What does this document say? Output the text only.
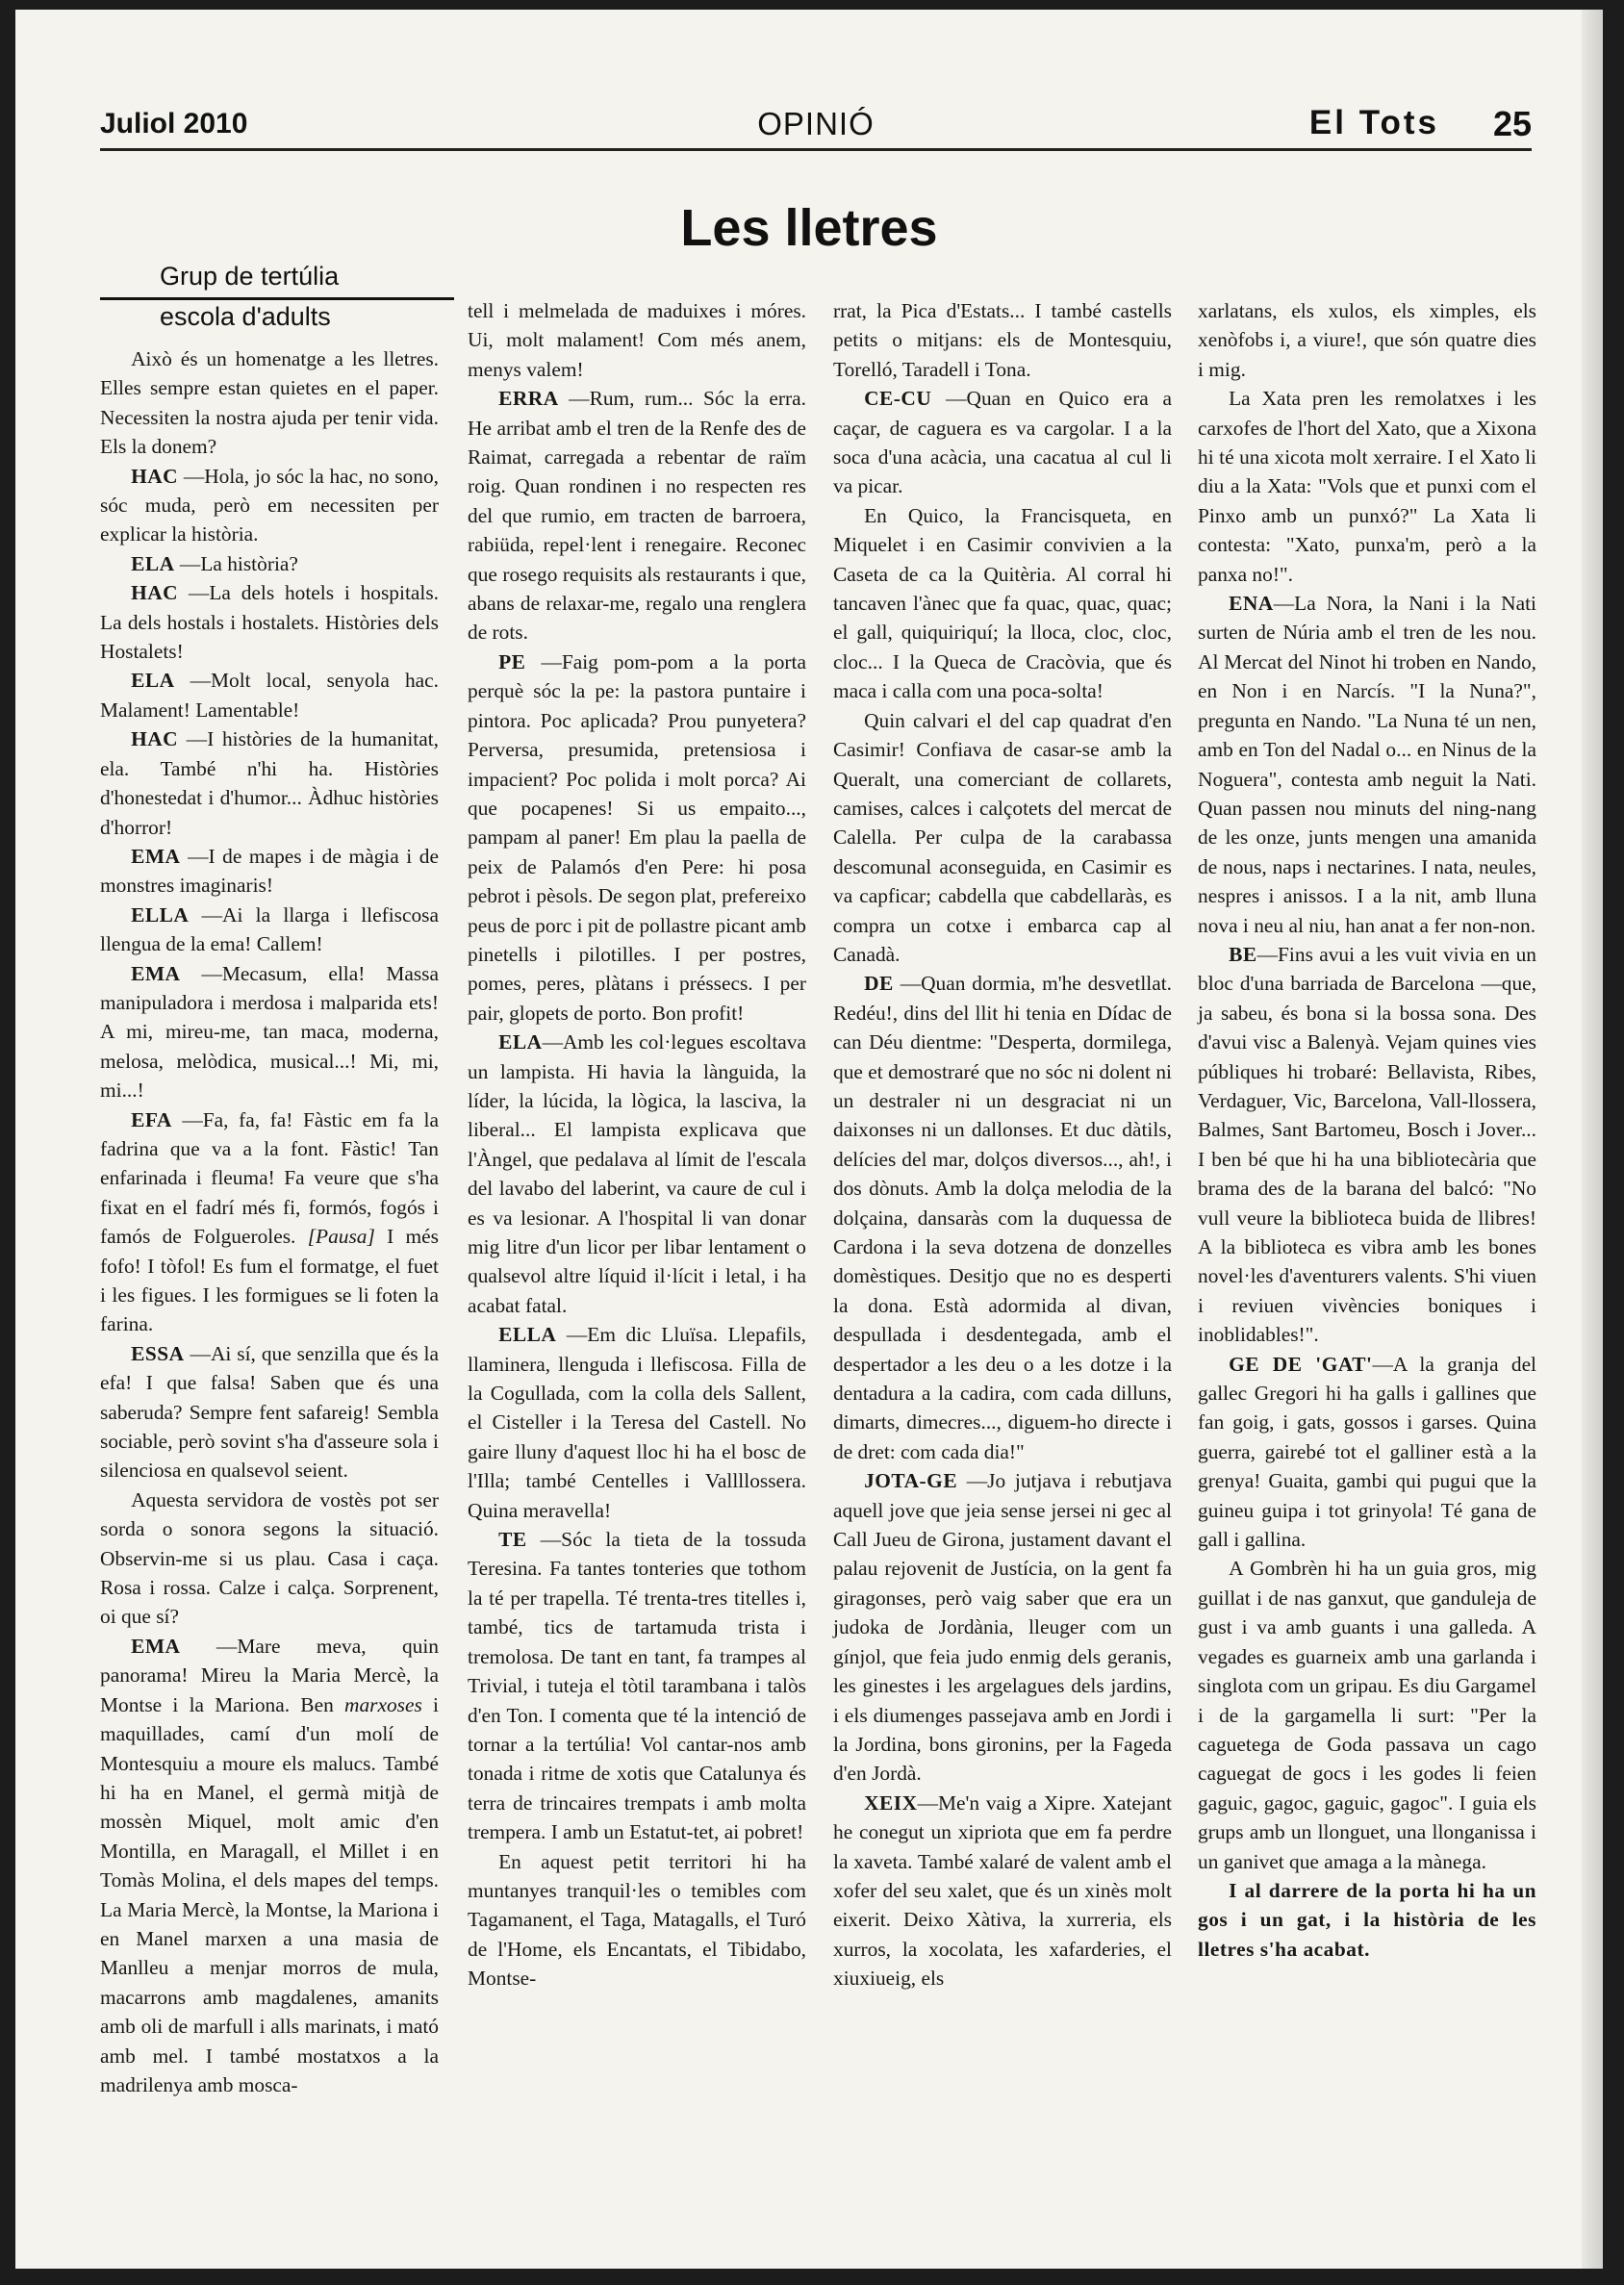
Juliol 2010	OPINIÓ	El Tots 25
Les lletres
Grup de tertúlia
escola d'adults

Això és un homenatge a les lletres. Elles sempre estan quietes en el paper. Necessiten la nostra ajuda per tenir vida. Els la donem?

HAC —Hola, jo sóc la hac, no sono, sóc muda, però em necessiten per explicar la història.

ELA —La història?

HAC —La dels hotels i hospitals. La dels hostals i hostalets. Històries dels Hostalets!

ELA —Molt local, senyola hac. Malament! Lamentable!

HAC —I històries de la humanitat, ela. També n'hi ha. Històries d'honestedat i d'humor... Àdhuc històries d'horror!

EMA —I de mapes i de màgia i de monstres imaginaris!

ELLA —Ai la llarga i llefiscosa llengua de la ema! Callem!

EMA —Mecasum, ella! Massa manipuladora i merdosa i malparida ets! A mi, mireu-me, tan maca, moderna, melosa, melòdica, musical...! Mi, mi, mi...!

EFA —Fa, fa, fa! Fàstic em fa la fadrina que va a la font. Fàstic! Tan enfarinada i fleuma! Fa veure que s'ha fixat en el fadrí més fi, formós, fogós i famós de Folgueroles. [Pausa] I més fofo! I tòfol! Es fum el formatge, el fuet i les figues. I les formigues se li foten la farina.

ESSA —Ai sí, que senzilla que és la efa! I que falsa! Saben que és una saberuda? Sempre fent safareig! Sembla sociable, però sovint s'ha d'asseure sola i silenciosa en qualsevol seient.

Aquesta servidora de vostès pot ser sorda o sonora segons la situació. Observin-me si us plau. Casa i caça. Rosa i rossa. Calze i calça. Sorprenent, oi que sí?

EMA —Mare meva, quin panorama! Mireu la Maria Mercè, la Montse i la Mariona. Ben marxoses i maquillades, camí d'un molí de Montesquiu a moure els malucs. També hi ha en Manel, el germà mitjà de mossèn Miquel, molt amic d'en Montilla, en Maragall, el Millet i en Tomàs Molina, el dels mapes del temps. La Maria Mercè, la Montse, la Mariona i en Manel marxen a una masia de Manlleu a menjar morros de mula, macarrons amb magdalenes, amanits amb oli de marfull i alls marinats, i mató amb mel. I també mostatxos a la madrilenya amb mosca-

tell i melmelada de maduixes i móres. Ui, molt malament! Com més anem, menys valem!

ERRA —Rum, rum... Sóc la erra. He arribat amb el tren de la Renfe des de Raimat, carregada a rebentar de raïm roig. Quan rondinen i no respecten res del que rumio, em tracten de barroera, rabiüda, repel·lent i renegaire. Reconec que rosego requisits als restaurants i que, abans de relaxar-me, regalo una renglera de rots.

PE —Faig pom-pom a la porta perquè sóc la pe: la pastora puntaire i pintora. Poc aplicada? Prou punyetera? Perversa, presumida, pretensiosa i impacient? Poc polida i molt porca? Ai que pocapenes! Si us empaito..., pampam al paner! Em plau la paella de peix de Palamós d'en Pere: hi posa pebrot i pèsols. De segon plat, prefereixo peus de porc i pit de pollastre picant amb pinetells i pilotilles. I per postres, pomes, peres, plàtans i préssecs. I per pair, glopets de porto. Bon profit!

ELA—Amb les col·legues escoltava un lampista. Hi havia la lànguida, la líder, la lúcida, la lògica, la lasciva, la liberal... El lampista explicava que l'Àngel, que pedalava al límit de l'escala del lavabo del laberint, va caure de cul i es va lesionar. A l'hospital li van donar mig litre d'un licor per libar lentament o qualsevol altre líquid il·lícit i letal, i ha acabat fatal.

ELLA —Em dic Lluïsa. Llepafils, llaminera, llenguda i llefiscosa. Filla de la Cogullada, com la colla dels Sallent, el Cisteller i la Teresa del Castell. No gaire lluny d'aquest lloc hi ha el bosc de l'Illa; també Centelles i Vallllossera. Quina meravella!

TE —Sóc la tieta de la tossuda Teresina. Fa tantes tonteries que tothom la té per trapella. Té trenta-tres titelles i, també, tics de tartamuda trista i tremolosa. De tant en tant, fa trampes al Trivial, i tuteja el tòtil tarambana i talòs d'en Ton. I comenta que té la intenció de tornar a la tertúlia! Vol cantar-nos amb tonada i ritme de xotis que Catalunya és terra de trincaires trempats i amb molta trempera. I amb un Estatut-tet, ai pobret!

En aquest petit territori hi ha muntanyes tranquil·les o temibles com Tagamanent, el Taga, Matagalls, el Turó de l'Home, els Encantats, el Tibidabo, Montse-

rrat, la Pica d'Estats... I també castells petits o mitjans: els de Montesquiu, Torelló, Taradell i Tona.

CE-CU —Quan en Quico era a caçar, de caguera es va cargolar. I a la soca d'una acàcia, una cacatua al cul li va picar.

En Quico, la Francisqueta, en Miquelet i en Casimir convivien a la Caseta de ca la Quitèria. Al corral hi tancaven l'ànec que fa quac, quac, quac; el gall, quiquiriquí; la lloca, cloc, cloc, cloc... I la Queca de Cracòvia, que és maca i calla com una poca-solta!

Quin calvari el del cap quadrat d'en Casimir! Confiava de casar-se amb la Queralt, una comerciant de collarets, camises, calces i calçotets del mercat de Calella. Per culpa de la carabassa descomunal aconseguida, en Casimir es va capficar; cabdella que cabdellaràs, es compra un cotxe i embarca cap al Canadà.

DE —Quan dormia, m'he desvetllat. Redéu!, dins del llit hi tenia en Dídac de can Déu dientme: "Desperta, dormilega, que et demostraré que no sóc ni dolent ni un destraler ni un desgraciat ni un daixonses ni un dallonses. Et duc dàtils, delícies del mar, dolços diversos..., ah!, i dos dònuts. Amb la dolça melodia de la dolçaina, dansaràs com la duquessa de Cardona i la seva dotzena de donzelles domèstiques. Desitjo que no es desperti la dona. Està adormida al divan, despullada i desdentegada, amb el despertador a les deu o a les dotze i la dentadura a la cadira, com cada dilluns, dimarts, dimecres..., diguem-ho directe i de dret: com cada dia!"

JOTA-GE —Jo jutjava i rebutjava aquell jove que jeia sense jersei ni gec al Call Jueu de Girona, justament davant el palau rejovenit de Justícia, on la gent fa giragonses, però vaig saber que era un judoka de Jordània, lleuger com un gínjol, que feia judo enmig dels geranis, les ginestes i les argelagues dels jardins, i els diumenges passejava amb en Jordi i la Jordina, bons gironins, per la Fageda d'en Jordà.

XEIX—Me'n vaig a Xipre. Xatejant he conegut un xipriota que em fa perdre la xaveta. També xalaré de valent amb el xofer del seu xalet, que és un xinès molt eixerit. Deixo Xàtiva, la xurreria, els xurros, la xocolata, les xafarderies, el xiuxiueig, els

xarlatans, els xulos, els ximples, els xenòfobs i, a viure!, que són quatre dies i mig.

La Xata pren les remolatxes i les carxofes de l'hort del Xato, que a Xixona hi té una xicota molt xerraire. I el Xato li diu a la Xata: "Vols que et punxi com el Pinxo amb un punxó?" La Xata li contesta: "Xato, punxa'm, però a la panxa no!".

ENA—La Nora, la Nani i la Nati surten de Núria amb el tren de les nou. Al Mercat del Ninot hi troben en Nando, en Non i en Narcís. "I la Nuna?", pregunta en Nando. "La Nuna té un nen, amb en Ton del Nadal o... en Ninus de la Noguera", contesta amb neguit la Nati. Quan passen nou minuts del ning-nang de les onze, junts mengen una amanida de nous, naps i nectarines. I nata, neules, nespres i anissos. I a la nit, amb lluna nova i neu al niu, han anat a fer non-non.

BE—Fins avui a les vuit vivia en un bloc d'una barriada de Barcelona —que, ja sabeu, és bona si la bossa sona. Des d'avui visc a Balenyà. Vejam quines vies públiques hi trobaré: Bellavista, Ribes, Verdaguer, Vic, Barcelona, Vall-llossera, Balmes, Sant Bartomeu, Bosch i Jover... I ben bé que hi ha una bibliotecària que brama des de la barana del balcó: "No vull veure la biblioteca buida de llibres! A la biblioteca es vibra amb les bones novel·les d'aventurers valents. S'hi viuen i reviuen vivències boniques i inoblidables!".

GE DE 'GAT'—A la granja del gallec Gregori hi ha galls i gallines que fan goig, i gats, gossos i garses. Quina guerra, gairebé tot el galliner està a la grenya! Guaita, gambi qui pugui que la guineu guipa i tot grinyola! Té gana de gall i gallina.

A Gombrèn hi ha un guia gros, mig guillat i de nas ganxut, que ganduleja de gust i va amb guants i una galleda. A vegades es guarneix amb una garlanda i singlota com un gripau. Es diu Gargamel i de la gargamella li surt: "Per la caguetega de Goda passava un cago caguegat de gocs i les godes li feien gaguic, gagoc, gaguic, gagoc". I guia els grups amb un llonguet, una llonganissa i un ganivet que amaga a la mànega.

I al darrere de la porta hi ha un gos i un gat, i la història de les lletres s'ha acabat.
